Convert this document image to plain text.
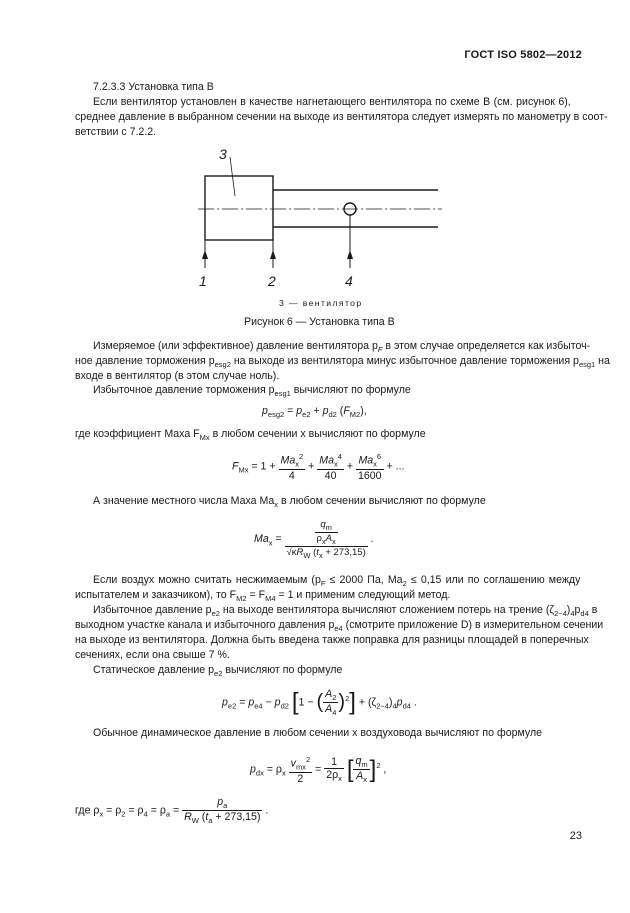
ГОСТ ISO 5802—2012
7.2.3.3 Установка типа В
Если вентилятор установлен в качестве нагнетающего вентилятора по схеме В (см. рисунок 6),
среднее давление в выбранном сечении на выходе из вентилятора следует измерять по манометру в соот-
ветствии с 7.2.2.
3
1	2	4
3 — вентилятор
Рисунок 6 — Установка типа В
Измеряемое (или эффективное) давление вентилятора $p_F$ в этом случае определяется как избыточ-
ное давление торможения $p_{esg2}$ на выходе из вентилятора минус избыточное давление торможения $p_{esg1}$ на
входе в вентилятор (в этом случае ноль).
Избыточное давление торможения $p_{esg1}$ вычисляют по формуле
$p_{esg2} = p_{e2} + p_{d2}$ $(F_{M2})$,
где коэффициент Маха $F_{Mx}$ в любом сечении x вычисляют по формуле
$F_{Mx} = 1 + \frac{Ma_x^2}{4} + \frac{Ma_x^4}{40} + \frac{Ma_x^6}{1600}$ + ...
А значение местного числа Маха $Ma_x$ в любом сечении вычисляют по формуле
$Ma_x = \frac{\frac{q_m}{\rho_xA_x}}{√\kappa R_W (t_x + 273,15)}$ .
Если воздух можно считать несжимаемым ($p_F \le 2000$ Па, $Ma_2 \le 0,15$ или по соглашению между
испытателем и заказчиком), то $F_{M2} = F_{M4} = 1$ и применим следующий метод.
Избыточное давление $p_{e2}$ на выходе вентилятора вычисляют сложением потерь на трение $(\zeta_{2-4})_4p_{d4}$ в
выходном участке канала и избыточного давления $p_{e4}$ (смотрите приложение D) в измерительном сечении
на выходе из вентилятора. Должна быть введена также поправка для разницы площадей в поперечных
сечениях, если она свыше 7 %.
Статическое давление $p_{e2}$ вычисляют по формуле
$p_{e2} = p_{e4} - p_{d2}$ [1 − ( $\frac{A_2}{A_4} )^2] + (\zeta_{2-4})_4p_{d4}$ .
Обычное динамическое давление в любом сечении x воздуховода вычисляют по формуле
$p_{dx} = \rho_x \frac{v_{mx}^2}{2} = \frac{1}{2\rho_x}$ [ $\frac{q_m}{A_x} ]^2$ ,
где $\rho_x = \rho_2 = \rho_4 = \rho_a = \frac{p_a}{R_W (t_a + 273,15)}$ .
23
